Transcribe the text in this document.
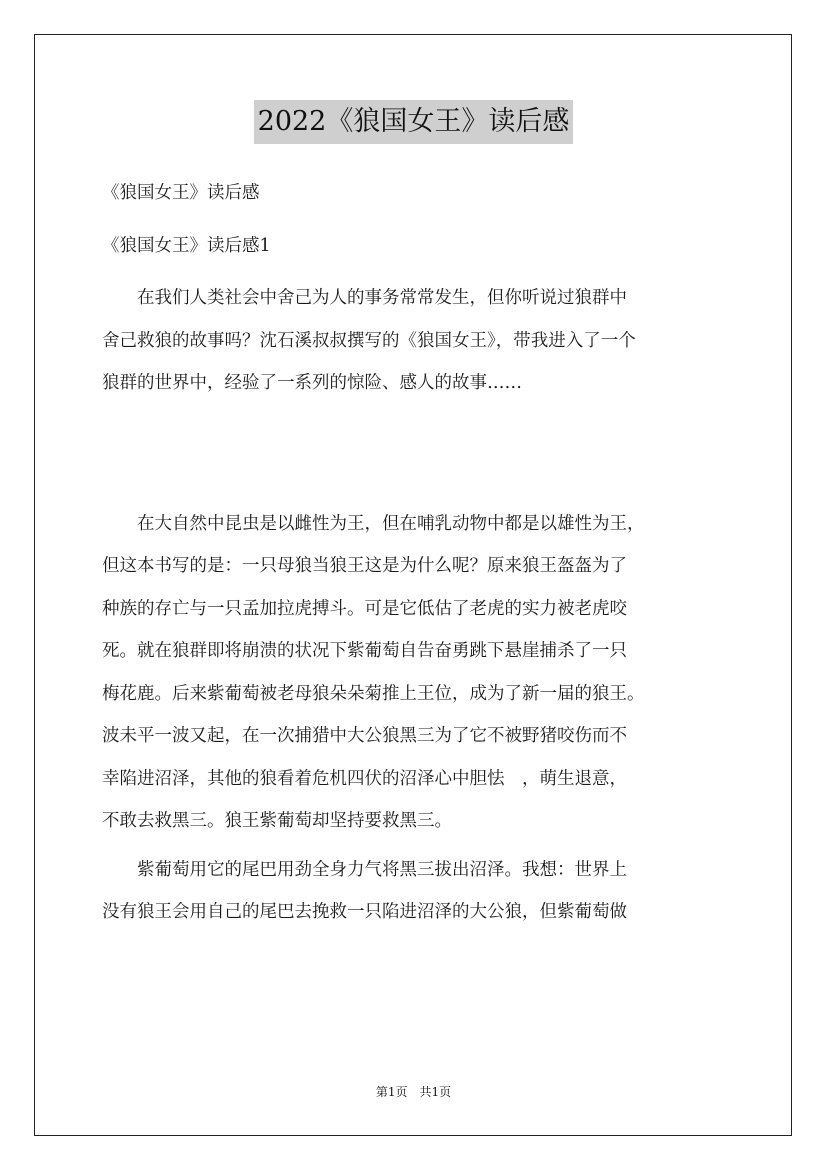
2022《狼国女王》读后感
《狼国女王》读后感
《狼国女王》读后感1
　　在我们人类社会中舍己为人的事务常常发生，但你听说过狼群中
舍己救狼的故事吗？沈石溪叔叔撰写的《狼国女王》，带我进入了一个
狼群的世界中，经验了一系列的惊险、感人的故事……
　　在大自然中昆虫是以雌性为王，但在哺乳动物中都是以雄性为王，
但这本书写的是：一只母狼当狼王这是为什么呢？原来狼王盔盔为了
种族的存亡与一只孟加拉虎搏斗。可是它低估了老虎的实力被老虎咬
死。就在狼群即将崩溃的状况下紫葡萄自告奋勇跳下悬崖捕杀了一只
梅花鹿。后来紫葡萄被老母狼朵朵菊推上王位，成为了新一届的狼王。
波未平一波又起，在一次捕猎中大公狼黑三为了它不被野猪咬伤而不
幸陷进沼泽，其他的狼看着危机四伏的沼泽心中胆怯　，萌生退意，
不敢去救黑三。狼王紫葡萄却坚持要救黑三。
　　紫葡萄用它的尾巴用劲全身力气将黑三拔出沼泽。我想：世界上
没有狼王会用自己的尾巴去挽救一只陷进沼泽的大公狼，但紫葡萄做
第1页　共1页
